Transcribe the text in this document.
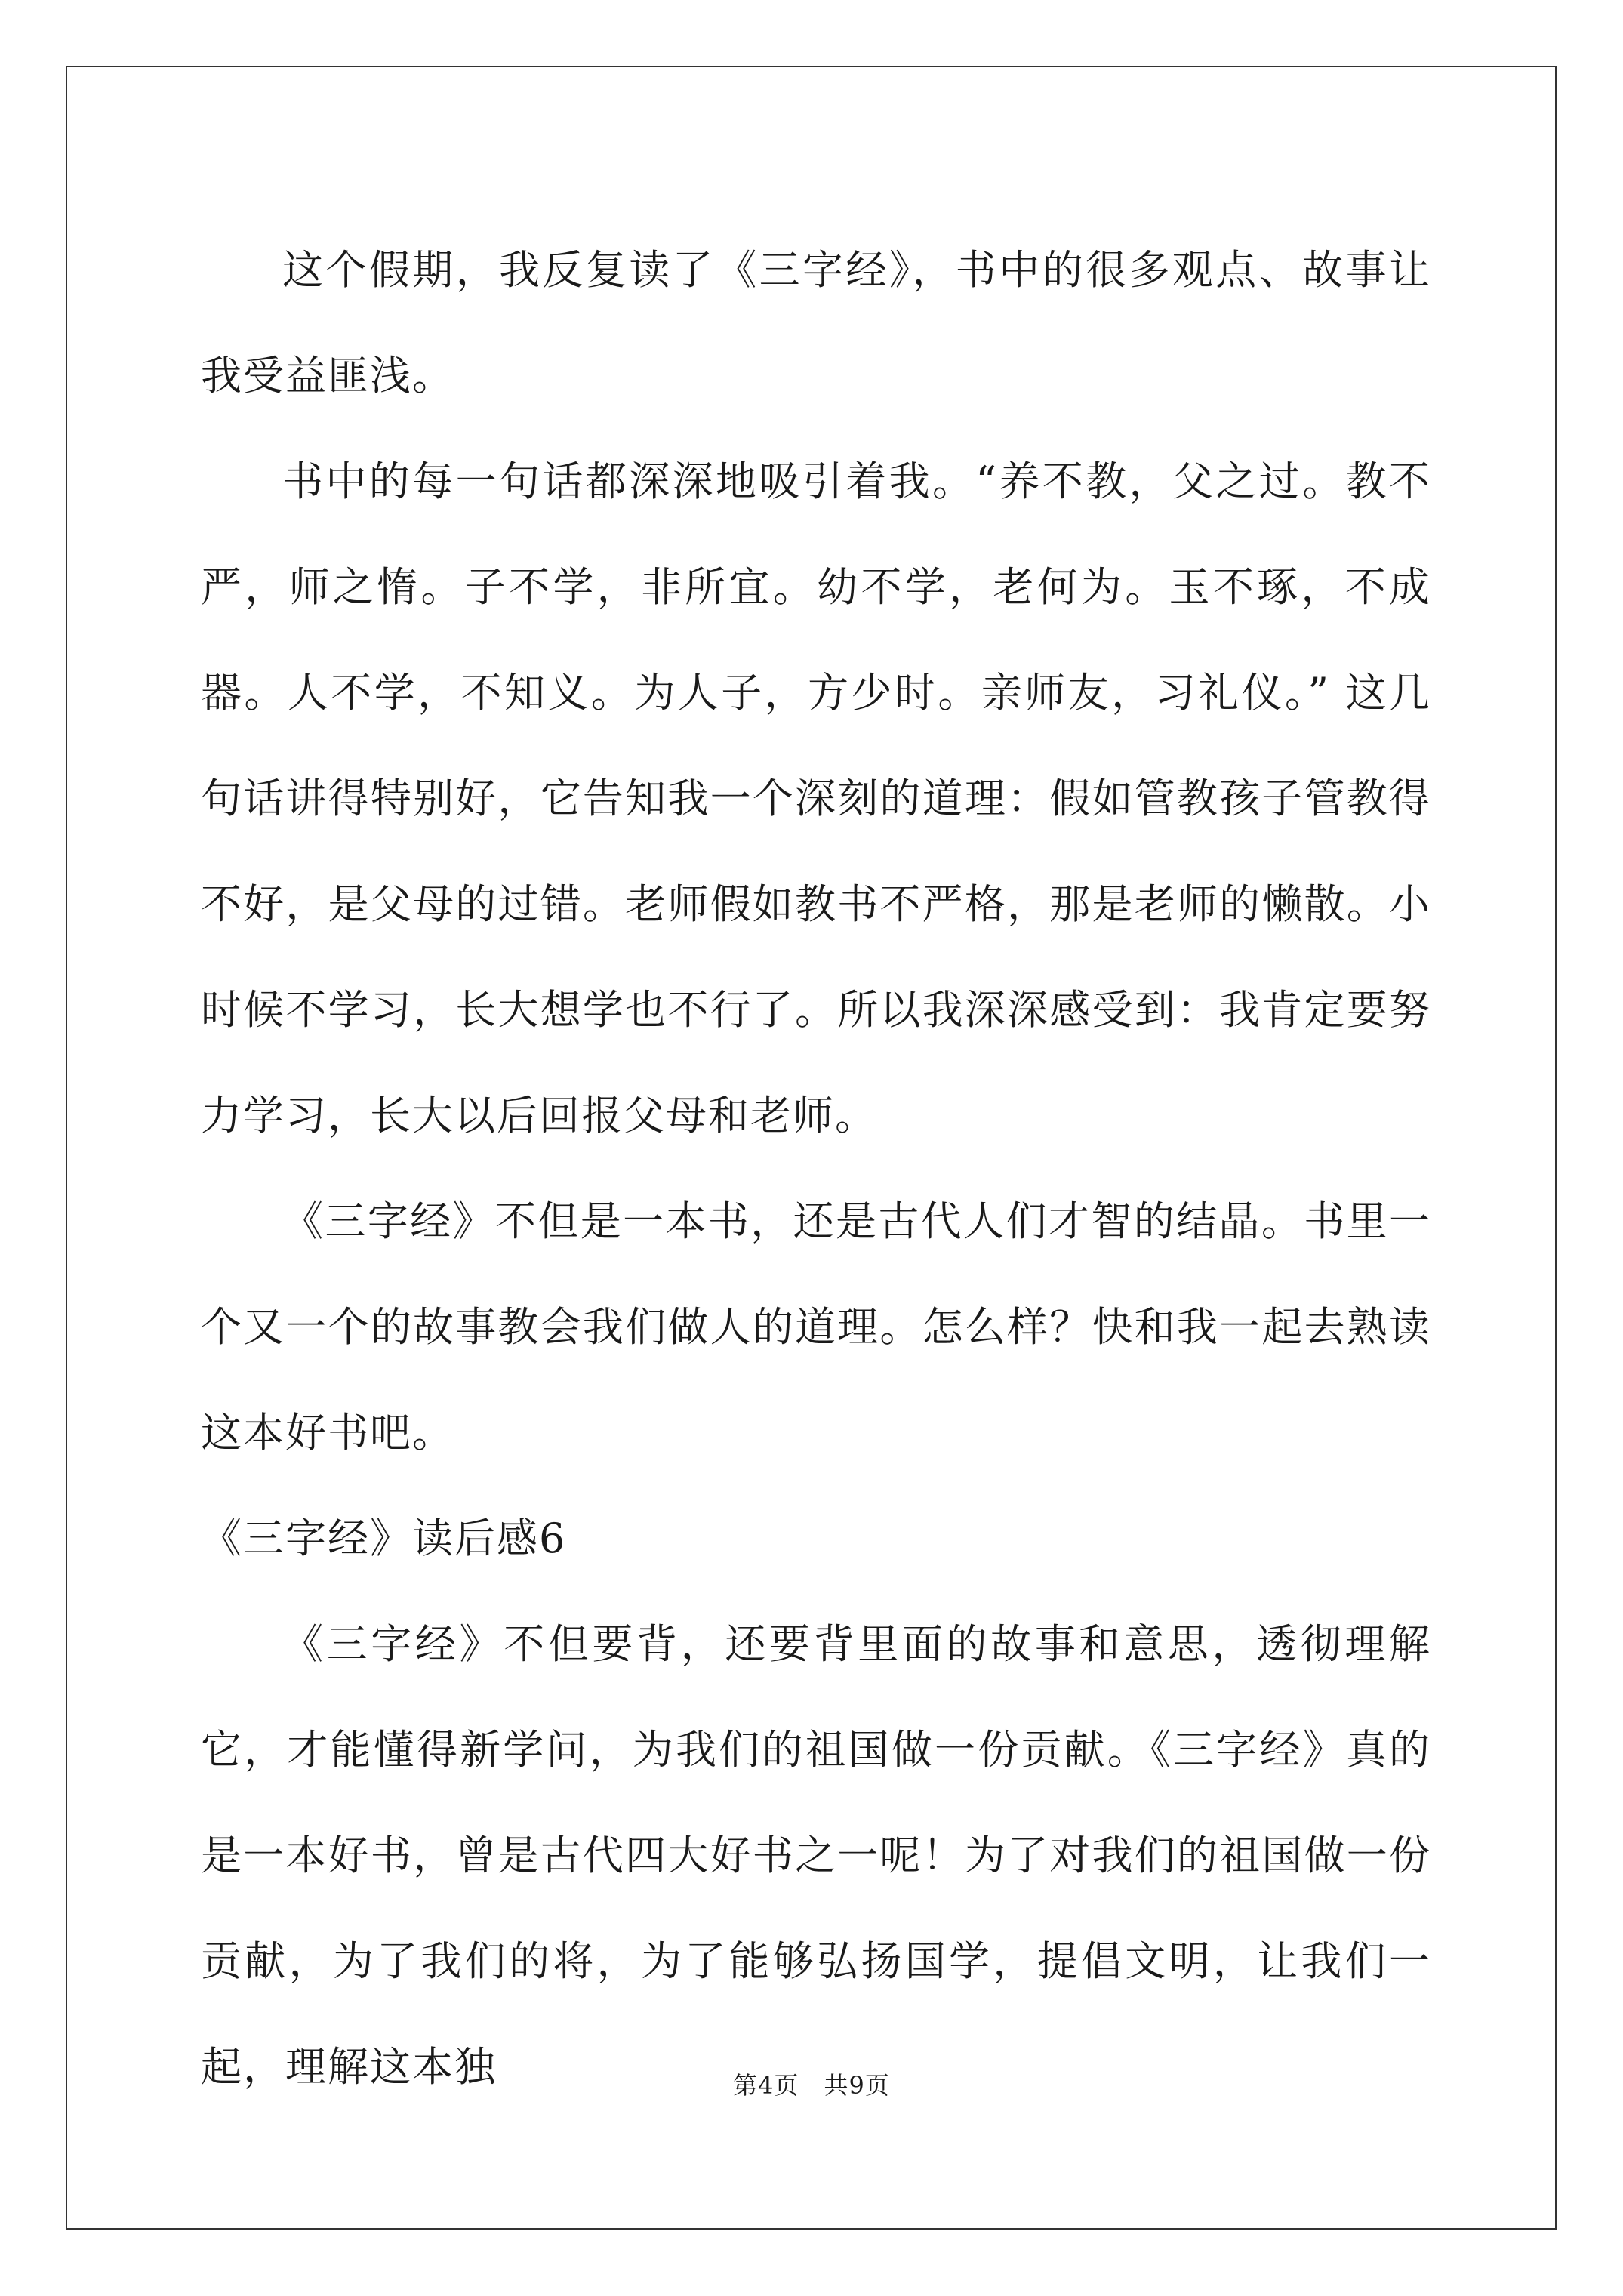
这个假期，我反复读了《三字经》，书中的很多观点、故事让我受益匪浅。

书中的每一句话都深深地吸引着我。“养不教，父之过。教不严，师之惰。子不学，非所宜。幼不学，老何为。玉不琢，不成器。人不学，不知义。为人子，方少时。亲师友，习礼仪。” 这几句话讲得特别好，它告知我一个深刻的道理：假如管教孩子管教得不好，是父母的过错。老师假如教书不严格，那是老师的懒散。小时候不学习，长大想学也不行了。所以我深深感受到：我肯定要努力学习，长大以后回报父母和老师。

《三字经》不但是一本书，还是古代人们才智的结晶。书里一个又一个的故事教会我们做人的道理。怎么样？快和我一起去熟读这本好书吧。

《三字经》读后感6

《三字经》不但要背，还要背里面的故事和意思，透彻理解它，才能懂得新学问，为我们的祖国做一份贡献。《三字经》真的是一本好书，曾是古代四大好书之一呢！为了对我们的祖国做一份贡献，为了我们的将，为了能够弘扬国学，提倡文明，让我们一起，理解这本独	第4页　共9页
